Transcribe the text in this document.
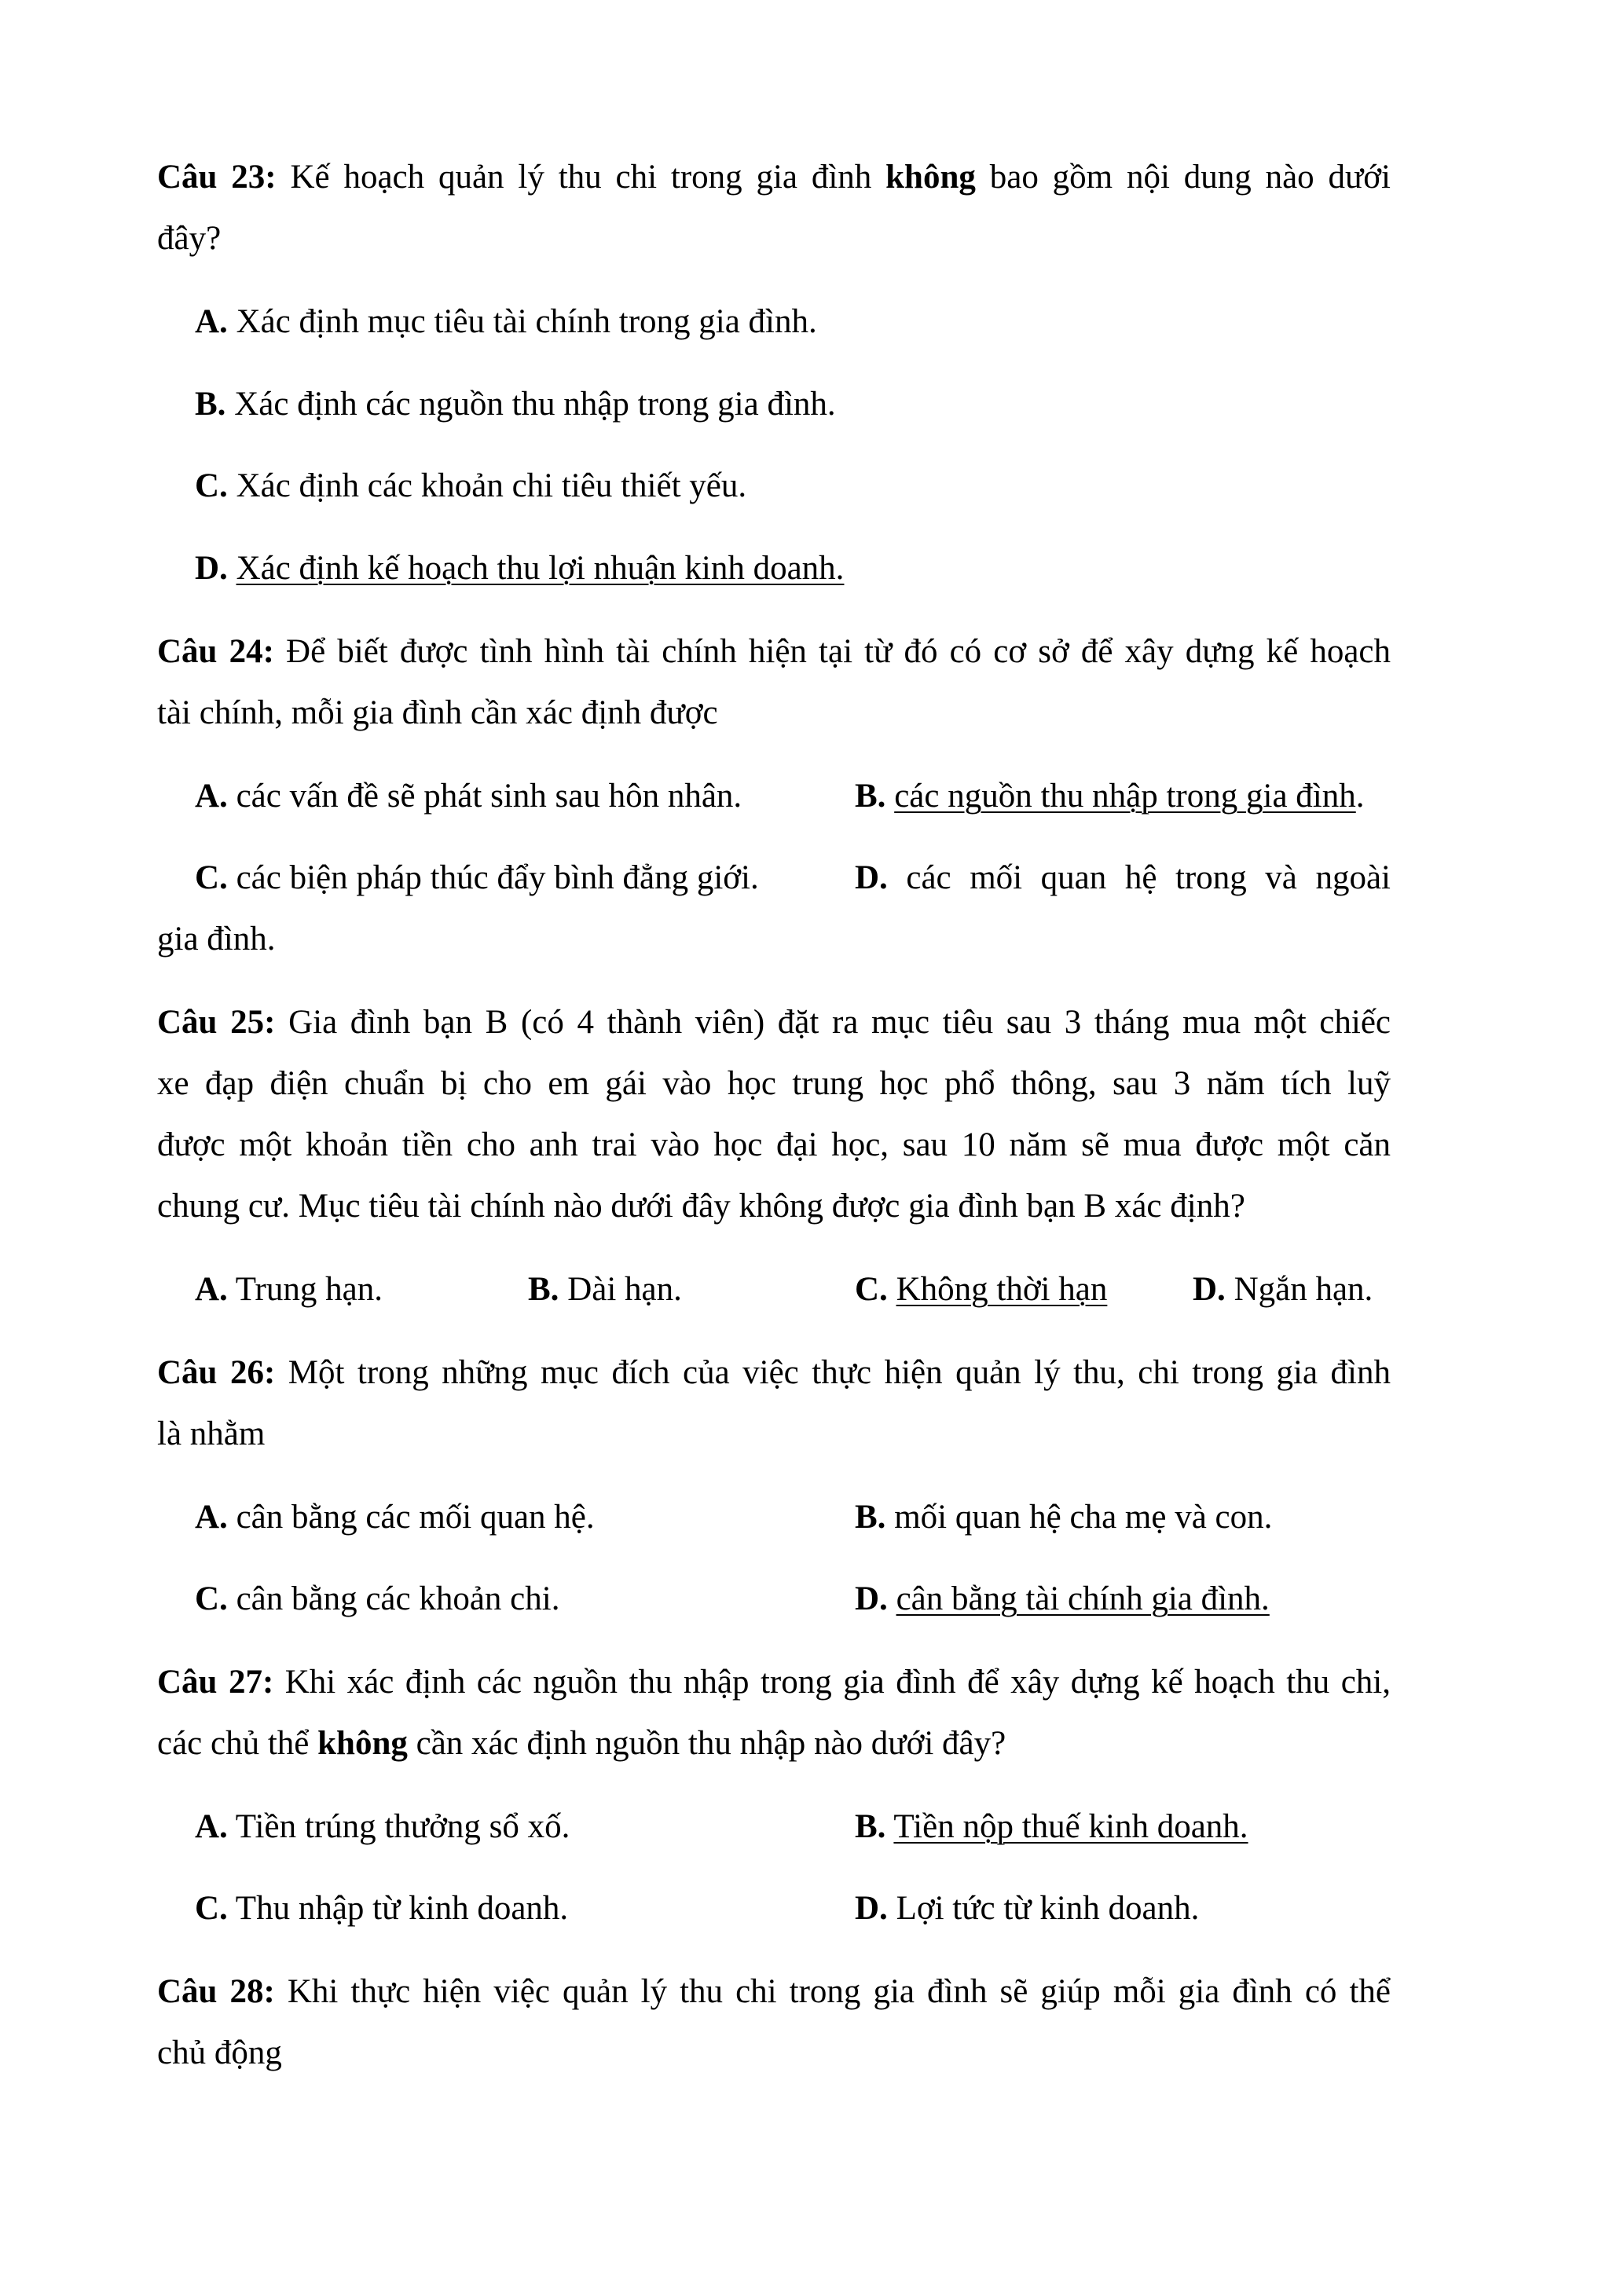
Câu 23: Kế hoạch quản lý thu chi trong gia đình không bao gồm nội dung nào dưới
đây?
A. Xác định mục tiêu tài chính trong gia đình.
B. Xác định các nguồn thu nhập trong gia đình.
C. Xác định các khoản chi tiêu thiết yếu.
D. Xác định kế hoạch thu lợi nhuận kinh doanh.
Câu 24: Để biết được tình hình tài chính hiện tại từ đó có cơ sở để xây dựng kế hoạch
tài chính, mỗi gia đình cần xác định được
A. các vấn đề sẽ phát sinh sau hôn nhân.	B. các nguồn thu nhập trong gia đình.
C. các biện pháp thúc đẩy bình đẳng giới.	D. các mối quan hệ trong và ngoài
gia đình.
Câu 25: Gia đình bạn B (có 4 thành viên) đặt ra mục tiêu sau 3 tháng mua một chiếc
xe đạp điện chuẩn bị cho em gái vào học trung học phổ thông, sau 3 năm tích luỹ
được một khoản tiền cho anh trai vào học đại học, sau 10 năm sẽ mua được một căn
chung cư. Mục tiêu tài chính nào dưới đây không được gia đình bạn B xác định?
A. Trung hạn.	B. Dài hạn.	C. Không thời hạn	D. Ngắn hạn.
Câu 26: Một trong những mục đích của việc thực hiện quản lý thu, chi trong gia đình
là nhằm
A. cân bằng các mối quan hệ.	B. mối quan hệ cha mẹ và con.
C. cân bằng các khoản chi.	D. cân bằng tài chính gia đình.
Câu 27: Khi xác định các nguồn thu nhập trong gia đình để xây dựng kế hoạch thu chi,
các chủ thể không cần xác định nguồn thu nhập nào dưới đây?
A. Tiền trúng thưởng sổ xố.	B. Tiền nộp thuế kinh doanh.
C. Thu nhập từ kinh doanh.	D. Lợi tức từ kinh doanh.
Câu 28: Khi thực hiện việc quản lý thu chi trong gia đình sẽ giúp mỗi gia đình có thể
chủ động
